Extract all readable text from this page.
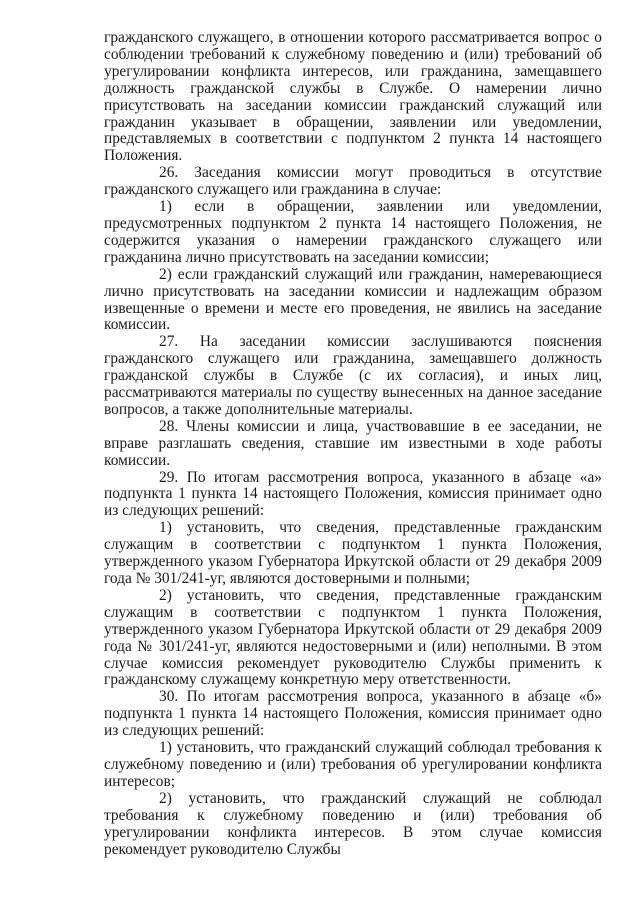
гражданского служащего, в отношении которого рассматривается вопрос о соблюдении требований к служебному поведению и (или) требований об урегулировании конфликта интересов, или гражданина, замещавшего должность гражданской службы в Службе. О намерении лично присутствовать на заседании комиссии гражданский служащий или гражданин указывает в обращении, заявлении или уведомлении, представляемых в соответствии с подпунктом 2 пункта 14 настоящего Положения.

26. Заседания комиссии могут проводиться в отсутствие гражданского служащего или гражданина в случае:

1) если в обращении, заявлении или уведомлении, предусмотренных подпунктом 2 пункта 14 настоящего Положения, не содержится указания о намерении гражданского служащего или гражданина лично присутствовать на заседании комиссии;

2) если гражданский служащий или гражданин, намеревающиеся лично присутствовать на заседании комиссии и надлежащим образом извещенные о времени и месте его проведения, не явились на заседание комиссии.

27. На заседании комиссии заслушиваются пояснения гражданского служащего или гражданина, замещавшего должность гражданской службы в Службе (с их согласия), и иных лиц, рассматриваются материалы по существу вынесенных на данное заседание вопросов, а также дополнительные материалы.

28. Члены комиссии и лица, участвовавшие в ее заседании, не вправе разглашать сведения, ставшие им известными в ходе работы комиссии.

29. По итогам рассмотрения вопроса, указанного в абзаце «а» подпункта 1 пункта 14 настоящего Положения, комиссия принимает одно из следующих решений:

1) установить, что сведения, представленные гражданским служащим в соответствии с подпунктом 1 пункта Положения, утвержденного указом Губернатора Иркутской области от 29 декабря 2009 года № 301/241-уг, являются достоверными и полными;

2) установить, что сведения, представленные гражданским служащим в соответствии с подпунктом 1 пункта Положения, утвержденного указом Губернатора Иркутской области от 29 декабря 2009 года № 301/241-уг, являются недостоверными и (или) неполными. В этом случае комиссия рекомендует руководителю Службы применить к гражданскому служащему конкретную меру ответственности.

30. По итогам рассмотрения вопроса, указанного в абзаце «б» подпункта 1 пункта 14 настоящего Положения, комиссия принимает одно из следующих решений:

1) установить, что гражданский служащий соблюдал требования к служебному поведению и (или) требования об урегулировании конфликта интересов;

2) установить, что гражданский служащий не соблюдал требования к служебному поведению и (или) требования об урегулировании конфликта интересов. В этом случае комиссия рекомендует руководителю Службы
